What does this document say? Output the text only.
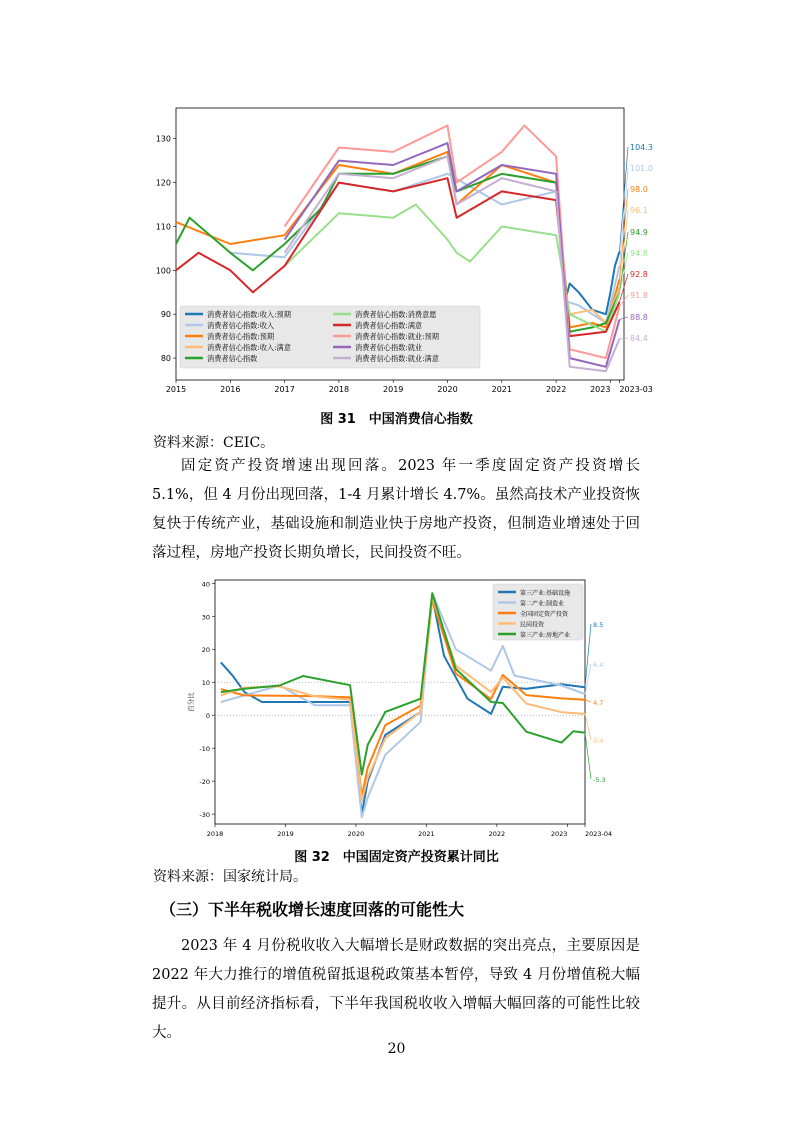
80
90
100
110
120
130
2015	2016	2017	2018	2019	2020	2021	2022	2023 2023-03
104.3
101.0
98.0
96.1
94.9
94.8
92.8
91.8
88.8
84.4
消费者信心指数:收入:预期
消费者信心指数:收入
消费者信心指数:预期
消费者信心指数:收入:满意
消费者信心指数
消费者信心指数:消费意愿
消费者信心指数:满意
消费者信心指数:就业:预期
消费者信心指数:就业
消费者信心指数:就业:满意
图 31　中国消费信心指数
资料来源：CEIC。
固定资产投资增速出现回落。2023 年一季度固定资产投资增长 5.1%，但 4 月份出现回落，1-4 月累计增长 4.7%。虽然高技术产业投资恢复快于传统产业，基础设施和制造业快于房地产投资，但制造业增速处于回落过程，房地产投资长期负增长，民间投资不旺。
-30
-20
-10
0
10
20
30
40
2018	2019	2020	2021	2022	2023	2023-04
百分比
8.5
6.4
4.7
0.4
-5.3
第三产业:基础设施
第二产业:制造业
全国固定资产投资
民间投资
第三产业:房地产业
图 32　中国固定资产投资累计同比
资料来源：国家统计局。
（三）下半年税收增长速度回落的可能性大
2023 年 4 月份税收收入大幅增长是财政数据的突出亮点，主要原因是 2022 年大力推行的增值税留抵退税政策基本暂停，导致 4 月份增值税大幅提升。从目前经济指标看，下半年我国税收收入增幅大幅回落的可能性比较大。
20
